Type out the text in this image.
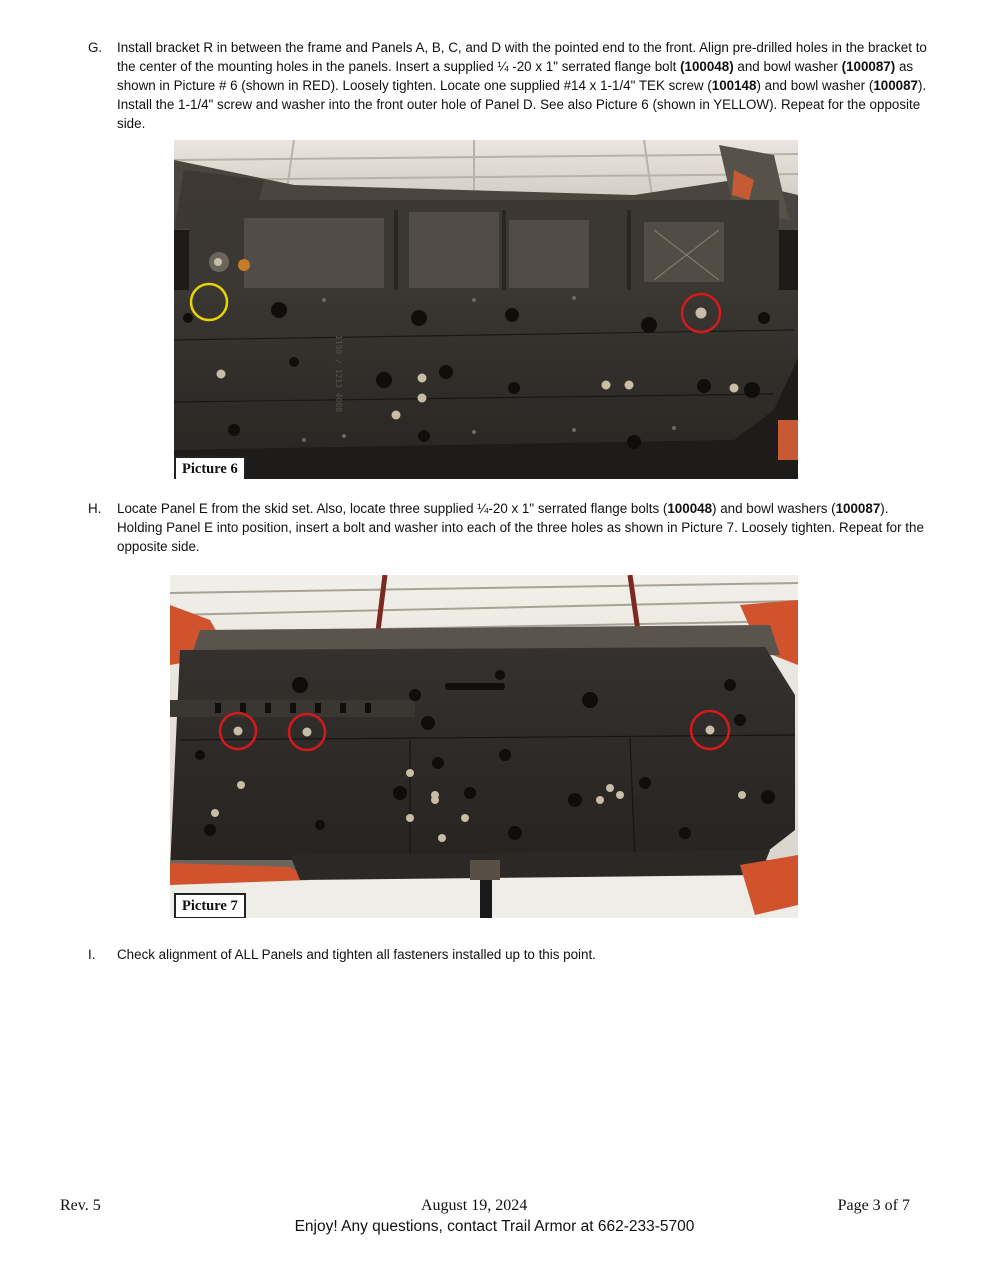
G. Install bracket R in between the frame and Panels A, B, C, and D with the pointed end to the front. Align pre-drilled holes in the bracket to the center of the mounting holes in the panels. Insert a supplied ¼ -20 x 1" serrated flange bolt (100048) and bowl washer (100087) as shown in Picture # 6 (shown in RED). Loosely tighten. Locate one supplied #14 x 1-1/4" TEK screw (100148) and bowl washer (100087). Install the 1-1/4" screw and washer into the front outer hole of Panel D. See also Picture 6 (shown in YELLOW). Repeat for the opposite side.
1198 / 1213 4000
Picture 6
H. Locate Panel E from the skid set. Also, locate three supplied ¼-20 x 1" serrated flange bolts (100048) and bowl washers (100087). Holding Panel E into position, insert a bolt and washer into each of the three holes as shown in Picture 7. Loosely tighten. Repeat for the opposite side.
Picture 7
I. Check alignment of ALL Panels and tighten all fasteners installed up to this point.
Rev. 5	August 19, 2024	Page 3 of 7
Enjoy! Any questions, contact Trail Armor at 662-233-5700
